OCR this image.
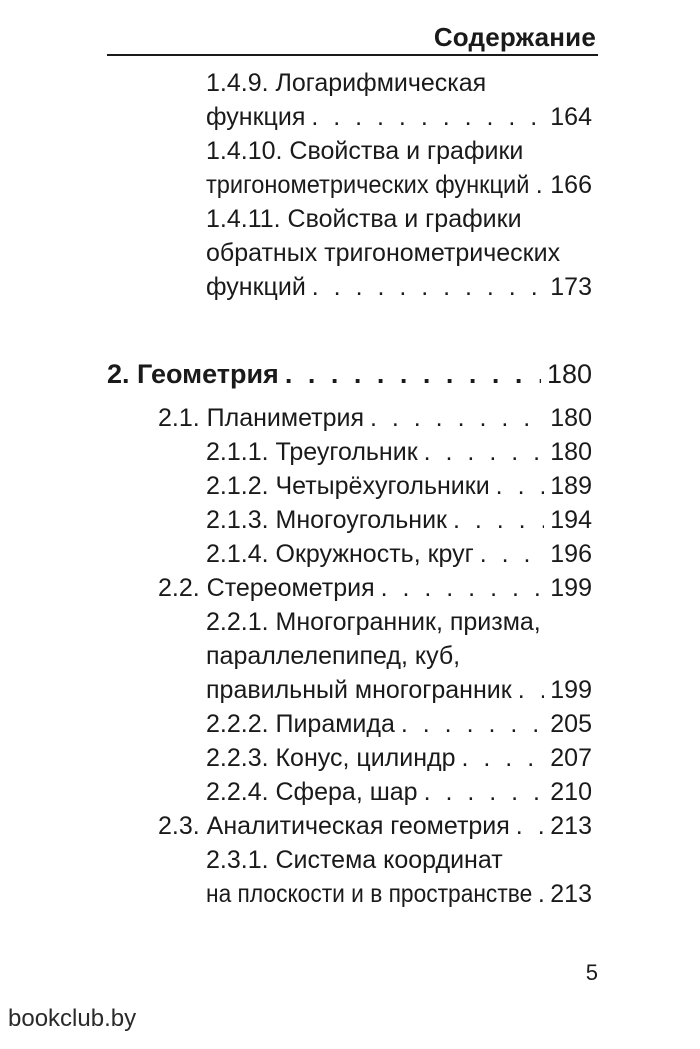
Содержание
1.4.9. Логарифмическая
функция . . .	164
1.4.10. Свойства и графики
тригонометрических функций . . . 166
1.4.11. Свойства и графики
обратных тригонометрических
функций . . .	173
2. Геометрия . . .	180
2.1. Планиметрия . . .	180
2.1.1. Треугольник . . .	180
2.1.2. Четырёхугольники . . . 189
2.1.3. Многоугольник . . .	194
2.1.4. Окружность, круг . . .	196
2.2. Стереометрия . . .	199
2.2.1. Многогранник, призма,
параллелепипед, куб,
правильный многогранник . . . 199
2.2.2. Пирамида . . .	205
2.2.3. Конус, цилиндр . . .	207
2.2.4. Сфера, шар . . .	210
2.3. Аналитическая геометрия . . . 213
2.3.1. Система координат
на плоскости и в пространстве . . . 213
5
bookclub.by
